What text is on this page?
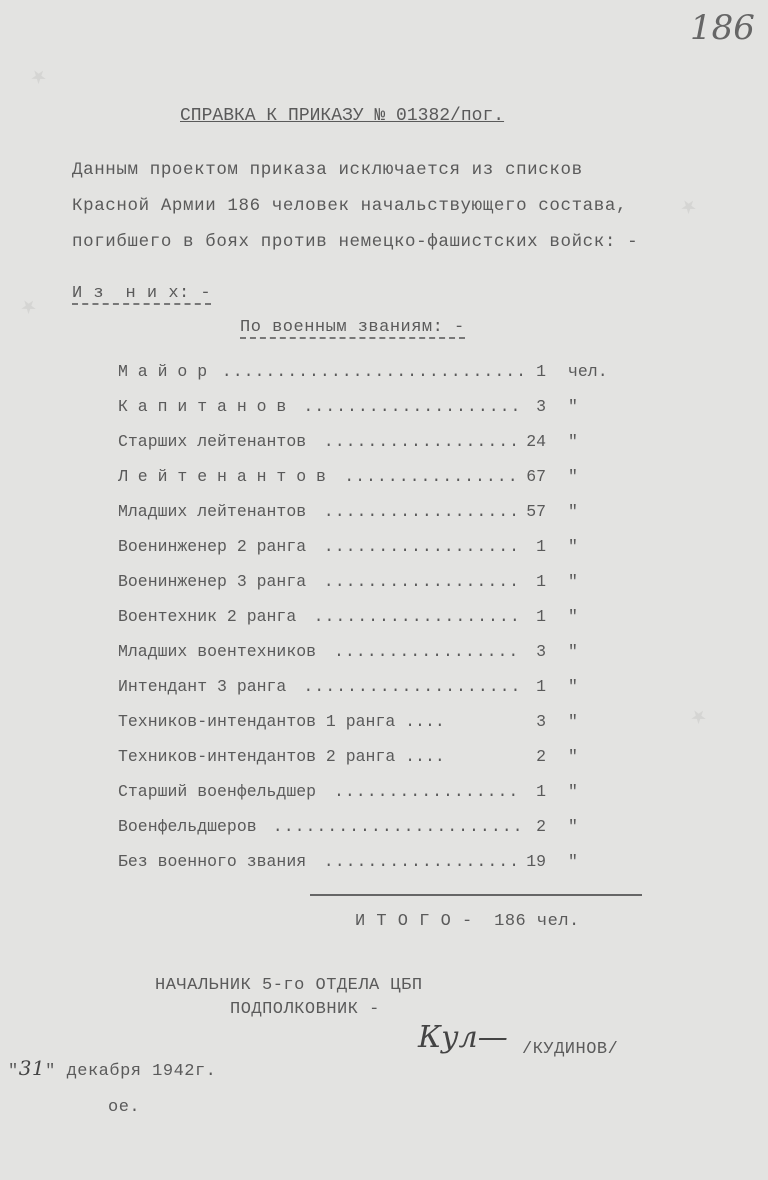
★
★
★
★
186
СПРАВКА К ПРИКАЗУ № 01382/пог.
Данным проектом приказа исключается из списков
Красной Армии 186 человек начальствующего состава,
погибшего в боях против немецко-фашистских войск: -
И з  н и х: -
По военным званиям: -
М а й о р ............................ 1 чел.
К а п и т а н о в .................... 3 "
Старших лейтенантов .................. 24 "
Л е й т е н а н т о в ................ 67 "
Младших лейтенантов .................. 57 "
Военинженер 2 ранга .................. 1 "
Военинженер 3 ранга .................. 1 "
Воентехник 2 ранга ................... 1 "
Младших воентехников ................. 3 "
Интендант 3 ранга .................... 1 "
Техников-интендантов 1 ранга ....	3 "
Техников-интендантов 2 ранга ....	2 "
Старший военфельдшер ................. 1 "
Военфельдшеров ....................... 2 "
Без военного звания .................. 19 "
И Т О Г О -  186 чел.
НАЧАЛЬНИК 5-го ОТДЕЛА ЦБП
ПОДПОЛКОВНИК -
Кул— /КУДИНОВ/
"31" декабря 1942г.
ое.
